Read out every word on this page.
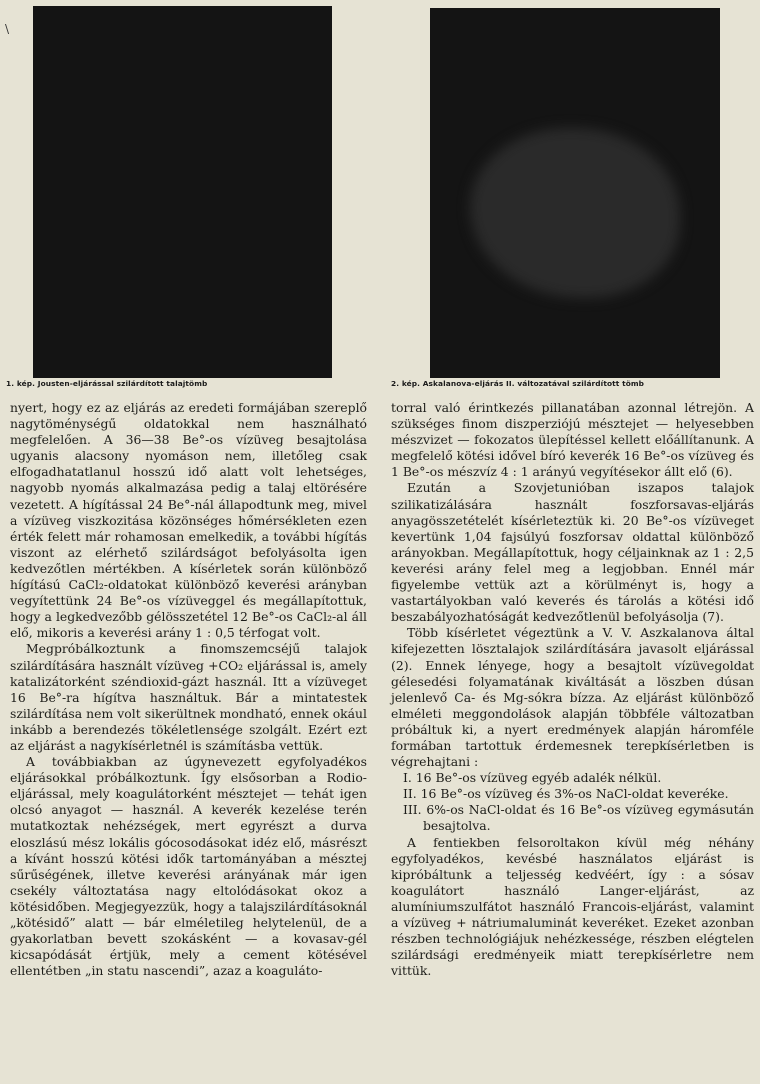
\
1. kép. Jousten-eljárással szilárdított talajtömb	2. kép. Askalanova-eljárás II. változatával szilárdított tömb

nyert, hogy ez az eljárás az eredeti formájában szereplő nagytöménységű oldatokkal nem használható megfelelően. A 36—38 Be°-os vízüveg besajtolása ugyanis alacsony nyomáson nem, illetőleg csak elfogadhatatlanul hosszú idő alatt volt lehetséges, nagyobb nyomás alkalmazása pedig a talaj eltörésére vezetett. A hígítással 24 Be°-nál állapodtunk meg, mivel a vízüveg viszkozitása közönséges hőmérsékleten ezen érték felett már rohamosan emelkedik, a további hígítás viszont az elérhető szilárdságot befolyásolta igen kedvezőtlen mértékben. A kísérletek során különböző hígítású CaCl₂-oldatokat különböző keverési arányban vegyítettünk 24 Be°-os vízüveggel és megállapítottuk, hogy a legkedvezőbb gélösszetétel 12 Be°-os CaCl₂-al áll elő, mikoris a keverési arány 1 : 0,5 térfogat volt.

Megpróbálkoztunk a finomszemcséjű talajok szilárdítására használt vízüveg +CO₂ eljárással is, amely katalizátorként széndioxid-gázt használ. Itt a vízüveget 16 Be°-ra hígítva használtuk. Bár a mintatestek szilárdítása nem volt sikerültnek mondható, ennek okául inkább a berendezés tökéletlensége szolgált. Ezért ezt az eljárást a nagykísérletnél is számításba vettük.

A továbbiakban az úgynevezett egyfolyadékos eljárásokkal próbálkoztunk. Így elsősorban a Rodio-eljárással, mely koagulátorként mésztejet — tehát igen olcsó anyagot — használ. A keverék kezelése terén mutatkoztak nehézségek, mert egyrészt a durva eloszlású mész lokális gócosodásokat idéz elő, másrészt a kívánt hosszú kötési idők tartományában a mésztej sűrűségének, illetve keverési arányának már igen csekély változtatása nagy eltolódásokat okoz a kötésidőben. Megjegyezzük, hogy a talajszilárdításoknál „kötésidő” alatt — bár elméletileg helytelenül, de a gyakorlatban bevett szokásként — a kovasav-gél kicsapódását értjük, mely a cement kötésével ellentétben „in statu nascendi”, azaz a koaguláto-

torral való érintkezés pillanatában azonnal létrejön. A szükséges finom diszperziójú mésztejet — helyesebben mészvizet — fokozatos ülepítéssel kellett előállítanunk. A megfelelő kötési idővel bíró keverék 16 Be°-os vízüveg és 1 Be°-os mészvíz 4 : 1 arányú vegyítésekor állt elő (6).

Ezután a Szovjetunióban iszapos talajok szilikatizálására használt foszforsavas-eljárás anyagösszetételét kísérleteztük ki. 20 Be°-os vízüveget kevertünk 1,04 fajsúlyú foszforsav oldattal különböző arányokban. Megállapítottuk, hogy céljainknak az 1 : 2,5 keverési arány felel meg a legjobban. Ennél már figyelembe vettük azt a körülményt is, hogy a vastartályokban való keverés és tárolás a kötési idő beszabályozhatóságát kedvezőtlenül befolyásolja (7).

Több kísérletet végeztünk a V. V. Aszkalanova által kifejezetten lösztalajok szilárdítására javasolt eljárással (2). Ennek lényege, hogy a besajtolt vízüvegoldat gélesedési folyamatának kiváltását a löszben dúsan jelenlevő Ca- és Mg-sókra bízza. Az eljárást különböző elméleti meggondolások alapján többféle változatban próbáltuk ki, a nyert eredmények alapján háromféle formában tartottuk érdemesnek terepkísérletben is végrehajtani :

I. 16 Be°-os vízüveg egyéb adalék nélkül.

II. 16 Be°-os vízüveg és 3%-os NaCl-oldat keveréke.

III. 6%-os NaCl-oldat és 16 Be°-os vízüveg egymásután besajtolva.

A fentiekben felsoroltakon kívül még néhány egyfolyadékos, kevésbé használatos eljárást is kipróbáltunk a teljesség kedvéért, így : a sósav koagulátort használó Langer-eljárást, az alumíniumszulfátot használó Francois-eljárást, valamint a vízüveg + nátriumaluminát keveréket. Ezeket azonban részben technológiájuk nehézkessége, részben elégtelen szilárdsági eredményeik miatt terepkísérletre nem vittük.
